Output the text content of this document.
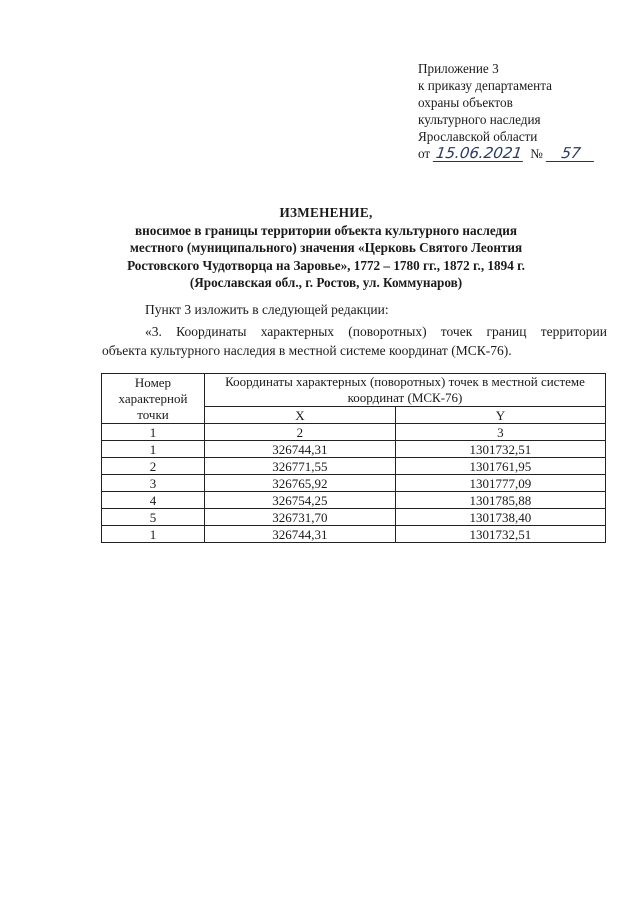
Приложение 3
к приказу департамента
охраны объектов
культурного наследия
Ярославской области
от 15.06.2021 №	57
ИЗМЕНЕНИЕ,
вносимое в границы территории объекта культурного наследия
местного (муниципального) значения «Церковь Святого Леонтия
Ростовского Чудотворца на Заровье», 1772 – 1780 гг., 1872 г., 1894 г.
(Ярославская обл., г. Ростов, ул. Коммунаров)
Пункт 3 изложить в следующей редакции:
«3. Координаты характерных (поворотных) точек границ территории
объекта культурного наследия в местной системе координат (МСК-76).
Номер характерной точки	Координаты характерных (поворотных) точек в местной системе координат (МСК-76)	
	X	Y
1	2	3
1	326744,31	1301732,51
2	326771,55	1301761,95
3	326765,92	1301777,09
4	326754,25	1301785,88
5	326731,70	1301738,40
1	326744,31	1301732,51
